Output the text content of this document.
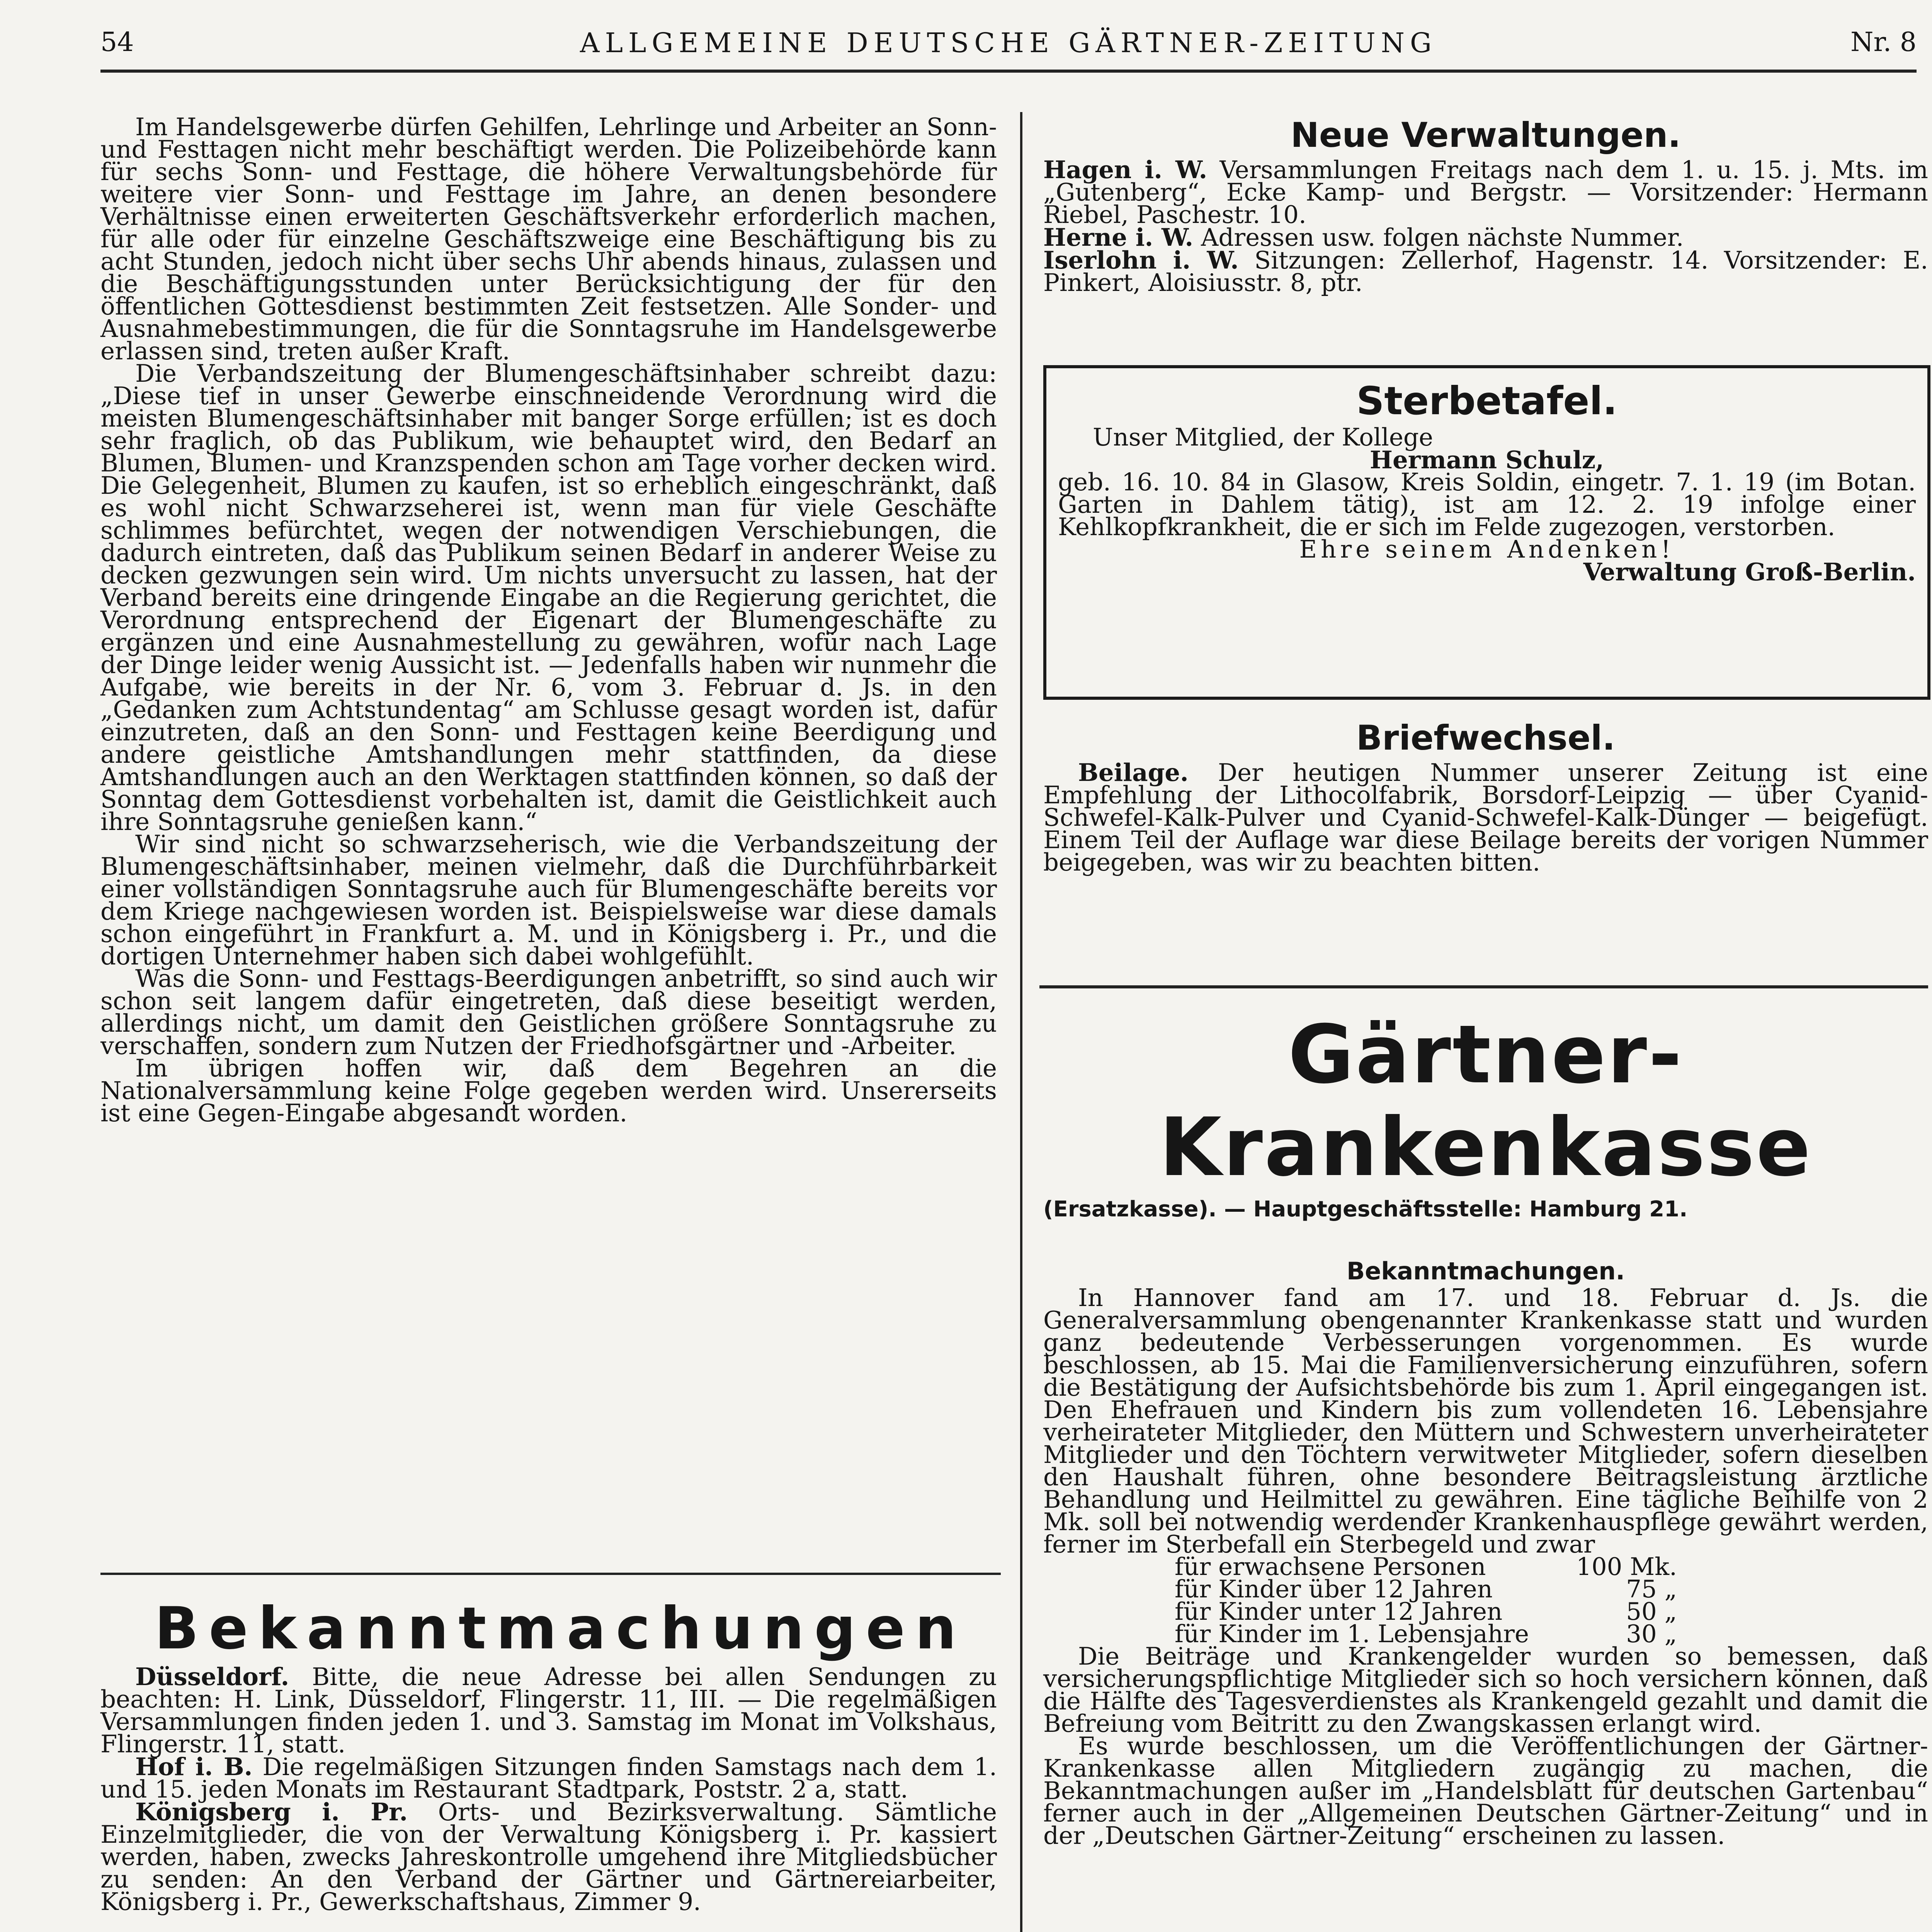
54	ALLGEMEINE DEUTSCHE GÄRTNER-ZEITUNG	Nr. 8

Im Handelsgewerbe dürfen Gehilfen, Lehrlinge und Arbeiter an Sonn- und Festtagen nicht mehr beschäftigt werden. Die Polizeibehörde kann für sechs Sonn- und Festtage, die höhere Verwaltungsbehörde für weitere vier Sonn- und Festtage im Jahre, an denen besondere Verhältnisse einen erweiterten Geschäftsverkehr erforderlich machen, für alle oder für einzelne Geschäftszweige eine Beschäftigung bis zu acht Stunden, jedoch nicht über sechs Uhr abends hinaus, zulassen und die Beschäftigungsstunden unter Berücksichtigung der für den öffentlichen Gottesdienst bestimmten Zeit festsetzen. Alle Sonder- und Ausnahmebestimmungen, die für die Sonntagsruhe im Handelsgewerbe erlassen sind, treten außer Kraft.

Die Verbandszeitung der Blumengeschäftsinhaber schreibt dazu: „Diese tief in unser Gewerbe einschneidende Verordnung wird die meisten Blumengeschäftsinhaber mit banger Sorge erfüllen; ist es doch sehr fraglich, ob das Publikum, wie behauptet wird, den Bedarf an Blumen, Blumen- und Kranzspenden schon am Tage vorher decken wird. Die Gelegenheit, Blumen zu kaufen, ist so erheblich eingeschränkt, daß es wohl nicht Schwarzseherei ist, wenn man für viele Geschäfte schlimmes befürchtet, wegen der notwendigen Verschiebungen, die dadurch eintreten, daß das Publikum seinen Bedarf in anderer Weise zu decken gezwungen sein wird. Um nichts unversucht zu lassen, hat der Verband bereits eine dringende Eingabe an die Regierung gerichtet, die Verordnung entsprechend der Eigenart der Blumengeschäfte zu ergänzen und eine Ausnahmestellung zu gewähren, wofür nach Lage der Dinge leider wenig Aussicht ist. — Jedenfalls haben wir nunmehr die Aufgabe, wie bereits in der Nr. 6, vom 3. Februar d. Js. in den „Gedanken zum Achtstundentag“ am Schlusse gesagt worden ist, dafür einzutreten, daß an den Sonn- und Festtagen keine Beerdigung und andere geistliche Amtshandlungen mehr stattfinden, da diese Amtshandlungen auch an den Werktagen stattfinden können, so daß der Sonntag dem Gottesdienst vorbehalten ist, damit die Geistlichkeit auch ihre Sonntagsruhe genießen kann.“

Wir sind nicht so schwarzseherisch, wie die Verbandszeitung der Blumengeschäftsinhaber, meinen vielmehr, daß die Durchführbarkeit einer vollständigen Sonntagsruhe auch für Blumengeschäfte bereits vor dem Kriege nachgewiesen worden ist. Beispielsweise war diese damals schon eingeführt in Frankfurt a. M. und in Königsberg i. Pr., und die dortigen Unternehmer haben sich dabei wohlgefühlt.

Was die Sonn- und Festtags-Beerdigungen anbetrifft, so sind auch wir schon seit langem dafür eingetreten, daß diese beseitigt werden, allerdings nicht, um damit den Geistlichen größere Sonntagsruhe zu verschaffen, sondern zum Nutzen der Friedhofsgärtner und -Arbeiter.

Im übrigen hoffen wir, daß dem Begehren an die Nationalversammlung keine Folge gegeben werden wird. Unsererseits ist eine Gegen-Eingabe abgesandt worden.

Bekanntmachungen

Düsseldorf. Bitte, die neue Adresse bei allen Sendungen zu beachten: H. Link, Düsseldorf, Flingerstr. 11, III. — Die regelmäßigen Versammlungen finden jeden 1. und 3. Samstag im Monat im Volkshaus, Flingerstr. 11, statt.

Hof i. B. Die regelmäßigen Sitzungen finden Samstags nach dem 1. und 15. jeden Monats im Restaurant Stadtpark, Poststr. 2 a, statt.

Königsberg i. Pr. Orts- und Bezirksverwaltung. Sämtliche Einzelmitglieder, die von der Verwaltung Königsberg i. Pr. kassiert werden, haben, zwecks Jahreskontrolle umgehend ihre Mitgliedsbücher zu senden: An den Verband der Gärtner und Gärtnereiarbeiter, Königsberg i. Pr., Gewerkschaftshaus, Zimmer 9.

Neue Verwaltungen.

Hagen i. W. Versammlungen Freitags nach dem 1. u. 15. j. Mts. im „Gutenberg“, Ecke Kamp- und Bergstr. — Vorsitzender: Hermann Riebel, Paschestr. 10.

Herne i. W. Adressen usw. folgen nächste Nummer.

Iserlohn i. W. Sitzungen: Zellerhof, Hagenstr. 14. Vorsitzender: E. Pinkert, Aloisiusstr. 8, ptr.

Sterbetafel.

Unser Mitglied, der Kollege

Hermann Schulz,

geb. 16. 10. 84 in Glasow, Kreis Soldin, eingetr. 7. 1. 19 (im Botan. Garten in Dahlem tätig), ist am 12. 2. 19 infolge einer Kehlkopfkrankheit, die er sich im Felde zugezogen, verstorben.

Ehre seinem Andenken!

Verwaltung Groß-Berlin.

Briefwechsel.

Beilage. Der heutigen Nummer unserer Zeitung ist eine Empfehlung der Lithocolfabrik, Borsdorf-Leipzig — über Cyanid-Schwefel-Kalk-Pulver und Cyanid-Schwefel-Kalk-Dünger — beigefügt. Einem Teil der Auflage war diese Beilage bereits der vorigen Nummer beigegeben, was wir zu beachten bitten.

Gärtner-Krankenkasse
(Ersatzkasse). — Hauptgeschäftsstelle: Hamburg 21.
Bekanntmachungen.

In Hannover fand am 17. und 18. Februar d. Js. die Generalversammlung obengenannter Krankenkasse statt und wurden ganz bedeutende Verbesserungen vorgenommen. Es wurde beschlossen, ab 15. Mai die Familienversicherung einzuführen, sofern die Bestätigung der Aufsichtsbehörde bis zum 1. April eingegangen ist. Den Ehefrauen und Kindern bis zum vollendeten 16. Lebensjahre verheirateter Mitglieder, den Müttern und Schwestern unverheirateter Mitglieder und den Töchtern verwitweter Mitglieder, sofern dieselben den Haushalt führen, ohne besondere Beitragsleistung ärztliche Behandlung und Heilmittel zu gewähren. Eine tägliche Beihilfe von 2 Mk. soll bei notwendig werdender Krankenhauspflege gewährt werden, ferner im Sterbefall ein Sterbegeld und zwar

für erwachsene Personen	100 Mk.
für Kinder über 12 Jahren	75 „
für Kinder unter 12 Jahren	50 „
für Kinder im 1. Lebensjahre	30 „

Die Beiträge und Krankengelder wurden so bemessen, daß versicherungspflichtige Mitglieder sich so hoch versichern können, daß die Hälfte des Tagesverdienstes als Krankengeld gezahlt und damit die Befreiung vom Beitritt zu den Zwangskassen erlangt wird.

Es wurde beschlossen, um die Veröffentlichungen der Gärtner-Krankenkasse allen Mitgliedern zugängig zu machen, die Bekanntmachungen außer im „Handelsblatt für deutschen Gartenbau“ ferner auch in der „Allgemeinen Deutschen Gärtner-Zeitung“ und in der „Deutschen Gärtner-Zeitung“ erscheinen zu lassen.
